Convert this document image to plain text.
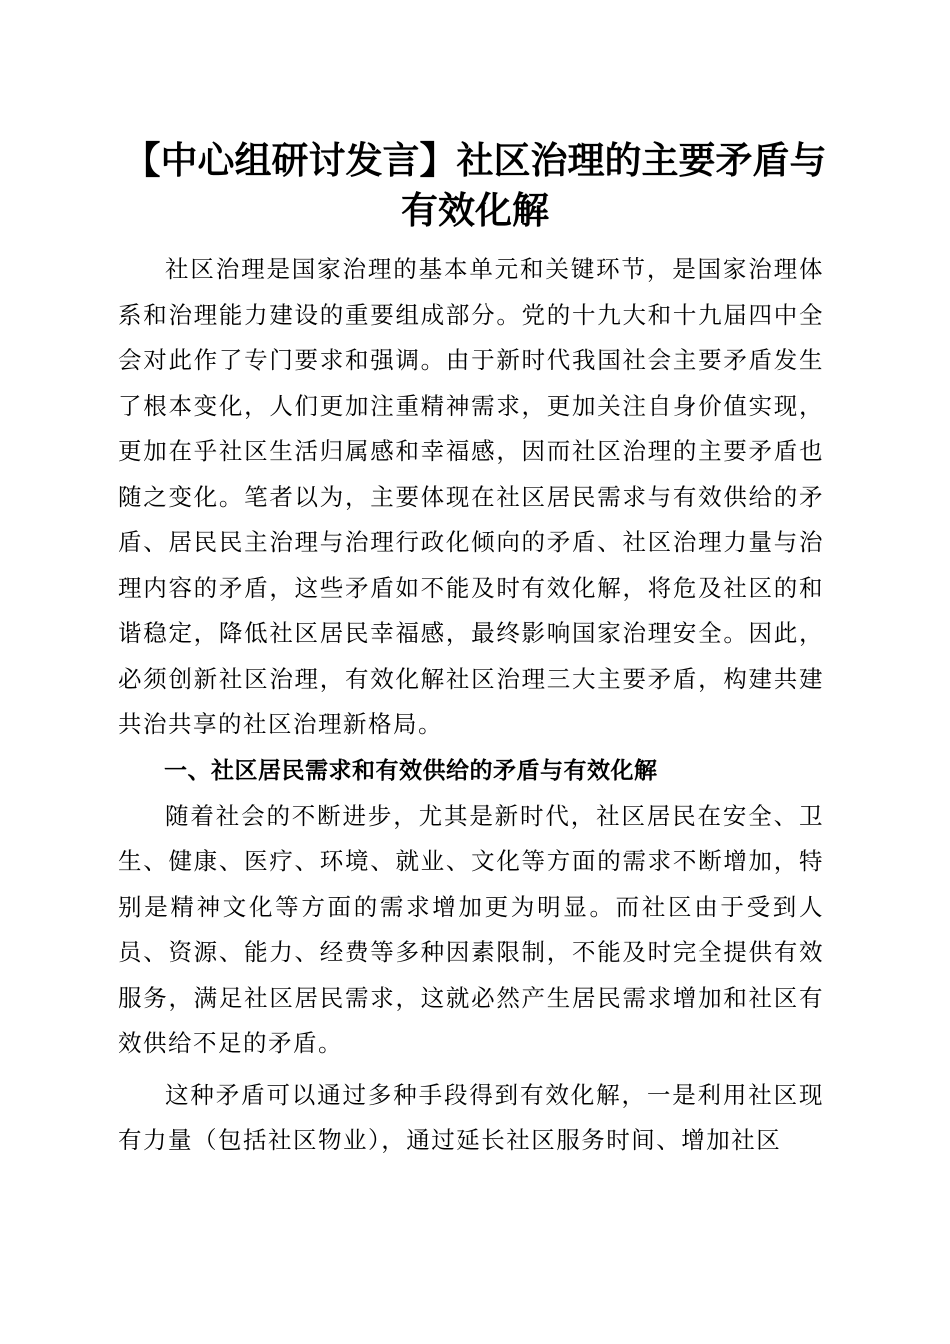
【中心组研讨发言】社区治理的主要矛盾与有效化解

社区治理是国家治理的基本单元和关键环节，是国家治理体系和治理能力建设的重要组成部分。党的十九大和十九届四中全会对此作了专门要求和强调。由于新时代我国社会主要矛盾发生了根本变化，人们更加注重精神需求，更加关注自身价值实现，更加在乎社区生活归属感和幸福感，因而社区治理的主要矛盾也随之变化。笔者以为，主要体现在社区居民需求与有效供给的矛盾、居民民主治理与治理行政化倾向的矛盾、社区治理力量与治理内容的矛盾，这些矛盾如不能及时有效化解，将危及社区的和谐稳定，降低社区居民幸福感，最终影响国家治理安全。因此，必须创新社区治理，有效化解社区治理三大主要矛盾，构建共建共治共享的社区治理新格局。

一、社区居民需求和有效供给的矛盾与有效化解

随着社会的不断进步，尤其是新时代，社区居民在安全、卫生、健康、医疗、环境、就业、文化等方面的需求不断增加，特别是精神文化等方面的需求增加更为明显。而社区由于受到人员、资源、能力、经费等多种因素限制，不能及时完全提供有效服务，满足社区居民需求，这就必然产生居民需求增加和社区有效供给不足的矛盾。

这种矛盾可以通过多种手段得到有效化解，一是利用社区现有力量（包括社区物业），通过延长社区服务时间、增加社区
